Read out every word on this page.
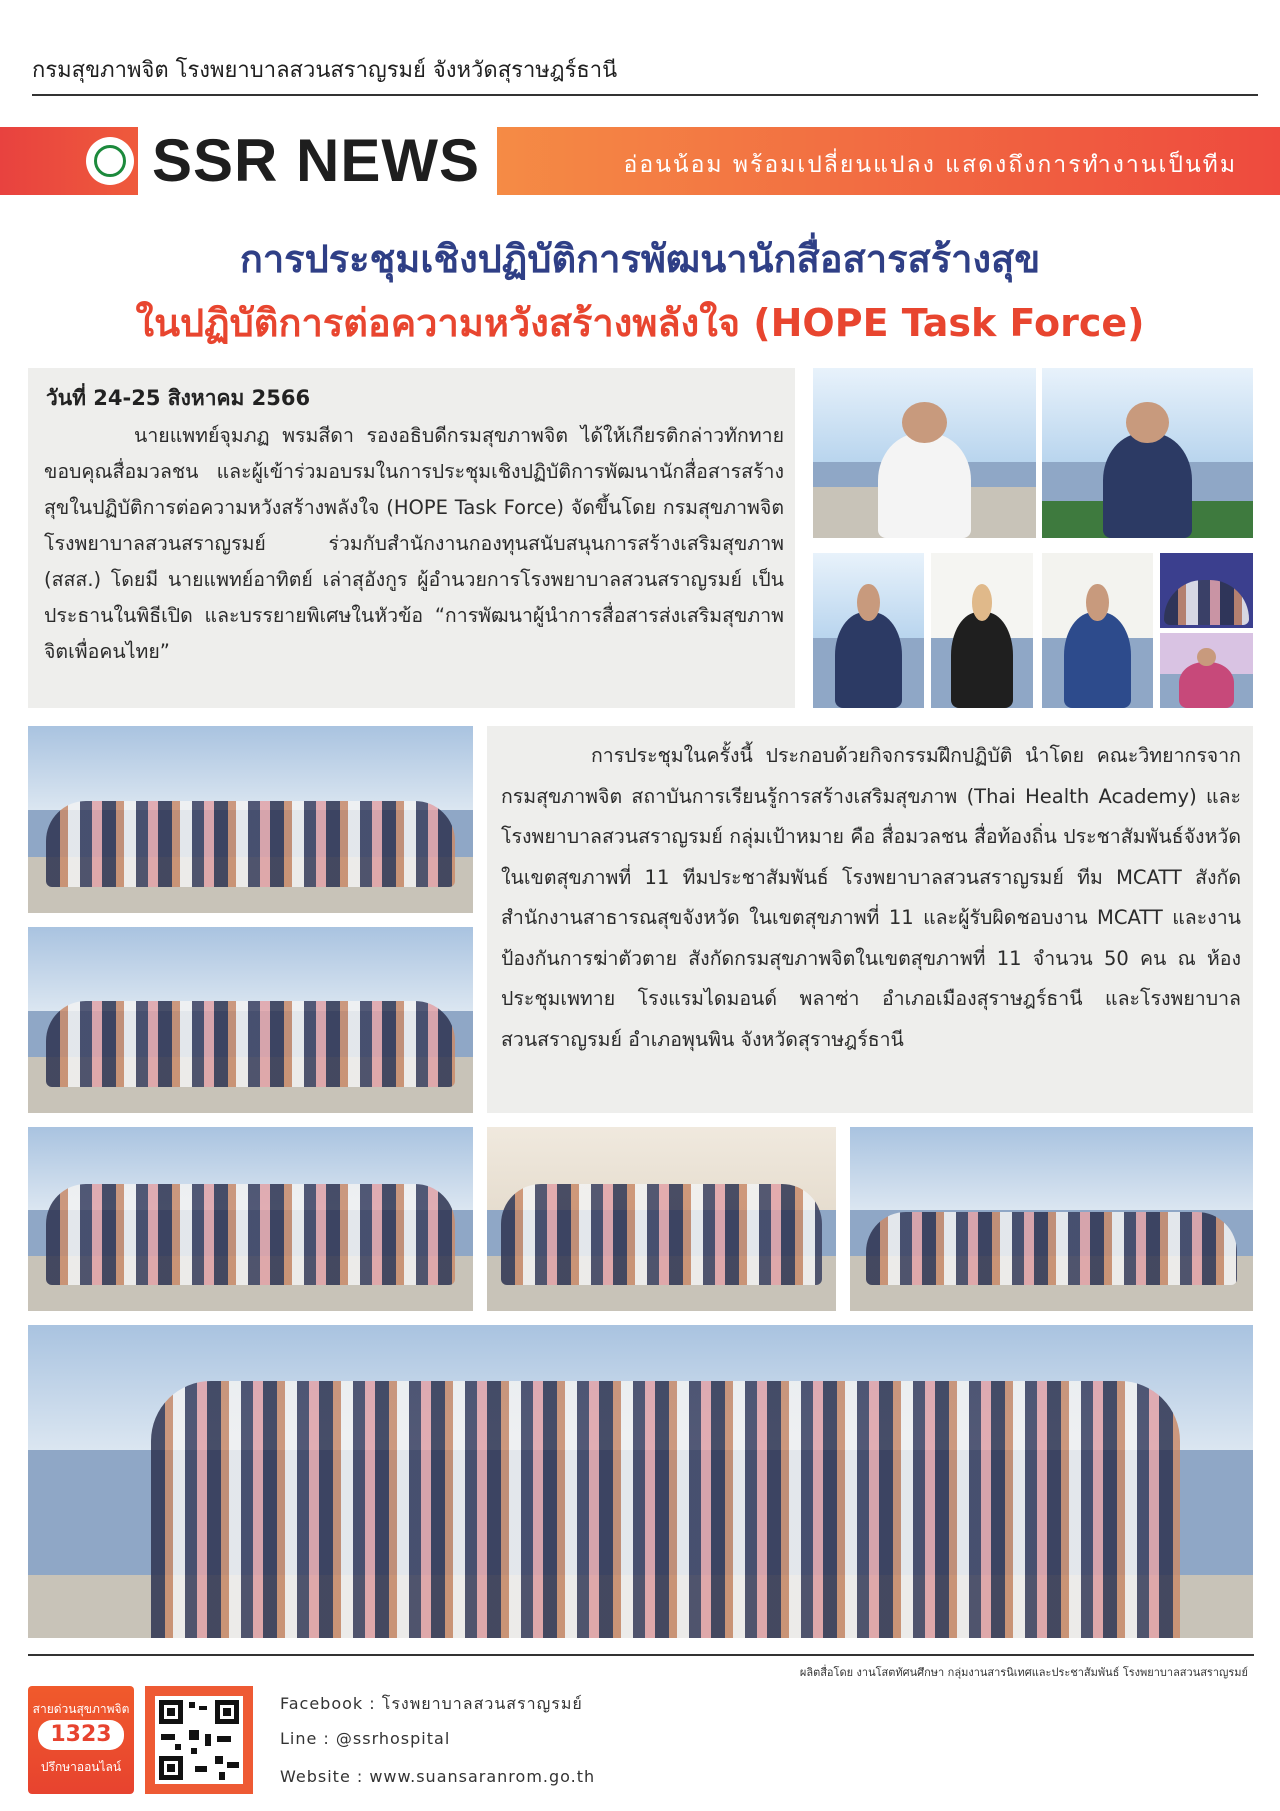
กรมสุขภาพจิต โรงพยาบาลสวนสราญรมย์ จังหวัดสุราษฎร์ธานี
SSR NEWS	อ่อนน้อม พร้อมเปลี่ยนแปลง แสดงถึงการทำงานเป็นทีม
การประชุมเชิงปฏิบัติการพัฒนานักสื่อสารสร้างสุข
ในปฏิบัติการต่อความหวังสร้างพลังใจ (HOPE Task Force)
วันที่ 24-25 สิงหาคม 2566
นายแพทย์จุมภฏ พรมสีดา รองอธิบดีกรมสุขภาพจิต ได้ให้เกียรติกล่าวทักทาย ขอบคุณสื่อมวลชน และผู้เข้าร่วมอบรมในการประชุมเชิงปฏิบัติการพัฒนานักสื่อสารสร้างสุขในปฏิบัติการต่อความหวังสร้างพลังใจ (HOPE Task Force) จัดขึ้นโดย กรมสุขภาพจิต โรงพยาบาลสวนสราญรมย์ ร่วมกับสำนักงานกองทุนสนับสนุนการสร้างเสริมสุขภาพ (สสส.) โดยมี นายแพทย์อาทิตย์ เล่าสุอังกูร ผู้อำนวยการโรงพยาบาลสวนสราญรมย์ เป็นประธานในพิธีเปิด และบรรยายพิเศษในหัวข้อ “การพัฒนาผู้นำการสื่อสารส่งเสริมสุขภาพจิตเพื่อคนไทย”
การประชุมในครั้งนี้ ประกอบด้วยกิจกรรมฝึกปฏิบัติ นำโดย คณะวิทยากรจากกรมสุขภาพจิต สถาบันการเรียนรู้การสร้างเสริมสุขภาพ (Thai Health Academy) และโรงพยาบาลสวนสราญรมย์ กลุ่มเป้าหมาย คือ สื่อมวลชน สื่อท้องถิ่น ประชาสัมพันธ์จังหวัดในเขตสุขภาพที่ 11 ทีมประชาสัมพันธ์ โรงพยาบาลสวนสราญรมย์ ทีม MCATT สังกัดสำนักงานสาธารณสุขจังหวัด ในเขตสุขภาพที่ 11 และผู้รับผิดชอบงาน MCATT และงานป้องกันการฆ่าตัวตาย สังกัดกรมสุขภาพจิตในเขตสุขภาพที่ 11 จำนวน 50 คน ณ ห้องประชุมเพทาย โรงแรมไดมอนด์ พลาซ่า อำเภอเมืองสุราษฎร์ธานี และโรงพยาบาลสวนสราญรมย์ อำเภอพุนพิน จังหวัดสุราษฎร์ธานี
ผลิตสื่อโดย งานโสตทัศนศึกษา กลุ่มงานสารนิเทศและประชาสัมพันธ์ โรงพยาบาลสวนสราญรมย์
สายด่วนสุขภาพจิต
1323
ปรึกษาออนไลน์
Facebook : โรงพยาบาลสวนสราญรมย์
Line : @ssrhospital
Website : www.suansaranrom.go.th
